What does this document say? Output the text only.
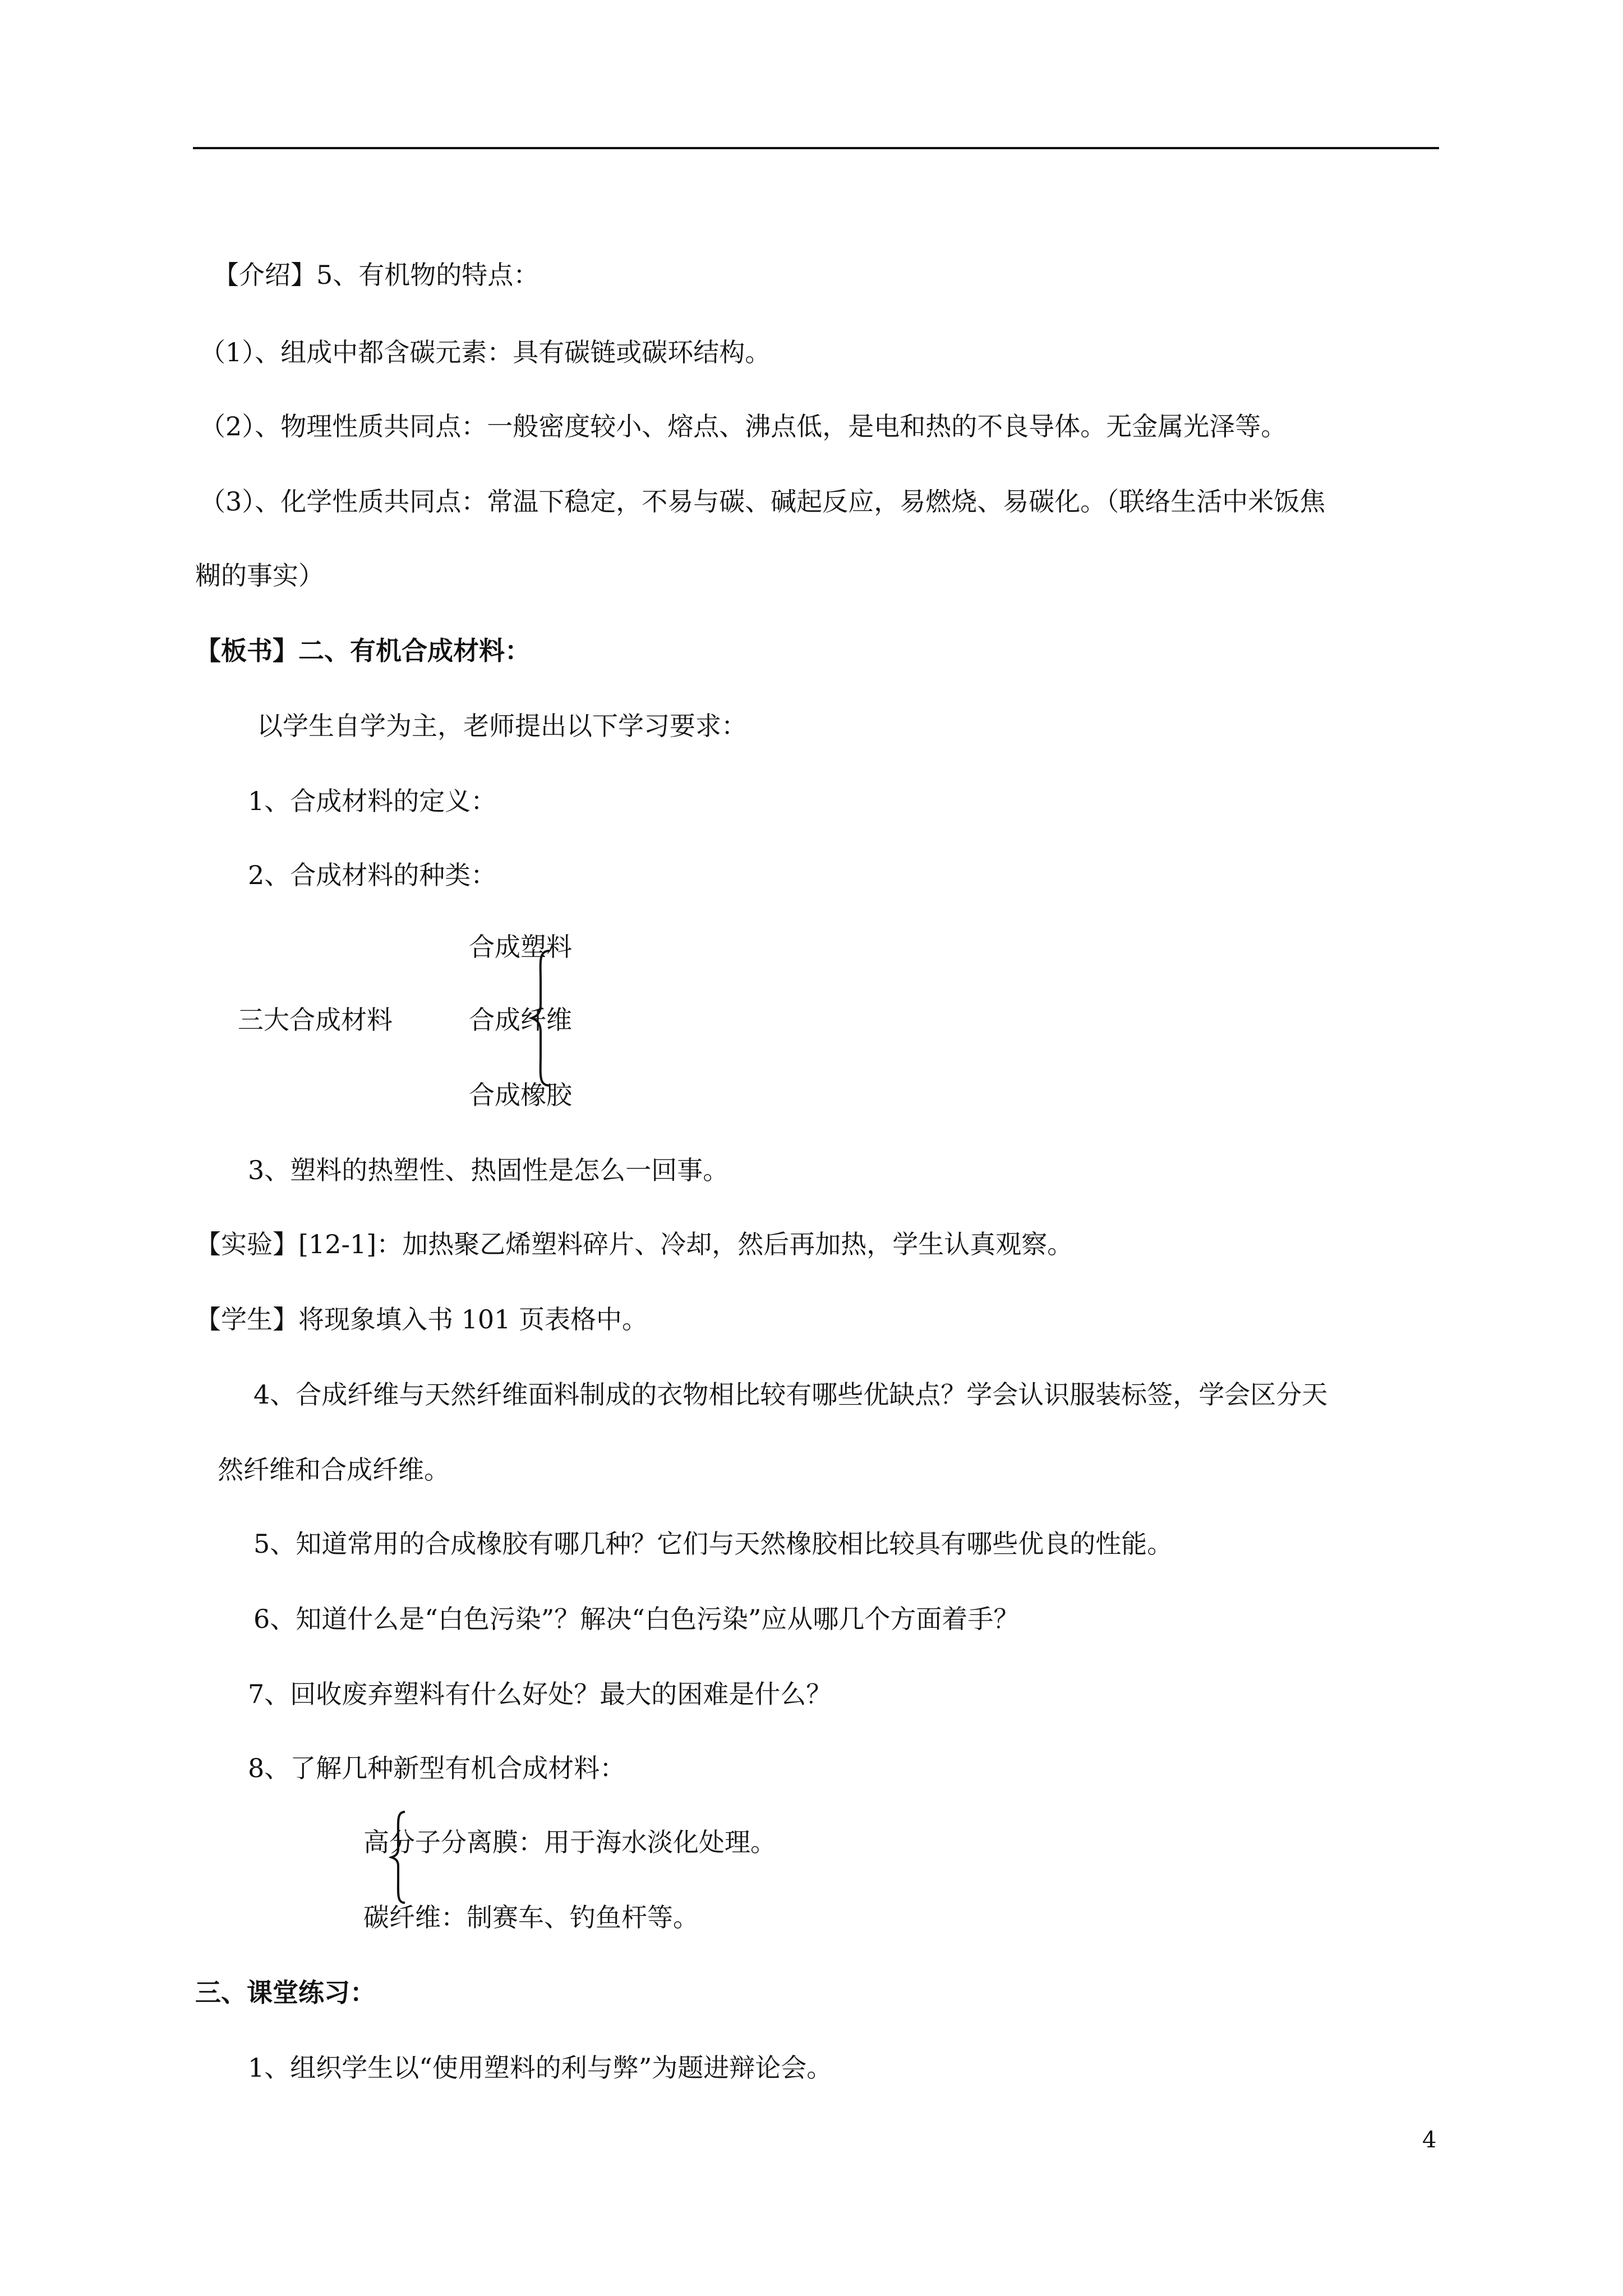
【介绍】5、有机物的特点：
（1）、组成中都含碳元素：具有碳链或碳环结构。
（2）、物理性质共同点：一般密度较小、熔点、沸点低，是电和热的不良导体。无金属光泽等。
（3）、化学性质共同点：常温下稳定，不易与碳、碱起反应，易燃烧、易碳化。（联络生活中米饭焦
糊的事实）
【板书】二、有机合成材料：
以学生自学为主，老师提出以下学习要求：
1、合成材料的定义：
2、合成材料的种类：
合成塑料
三大合成材料	合成纤维
合成橡胶
3、塑料的热塑性、热固性是怎么一回事。
【实验】[12-1]：加热聚乙烯塑料碎片、冷却，然后再加热，学生认真观察。
【学生】将现象填入书 101 页表格中。
4、合成纤维与天然纤维面料制成的衣物相比较有哪些优缺点？学会认识服装标签，学会区分天
然纤维和合成纤维。
5、知道常用的合成橡胶有哪几种？它们与天然橡胶相比较具有哪些优良的性能。
6、知道什么是“白色污染”？解决“白色污染”应从哪几个方面着手？
7、回收废弃塑料有什么好处？最大的困难是什么？
8、了解几种新型有机合成材料：
高分子分离膜：用于海水淡化处理。
碳纤维：制赛车、钓鱼杆等。
三、课堂练习：
1、组织学生以“使用塑料的利与弊”为题进辩论会。
4
